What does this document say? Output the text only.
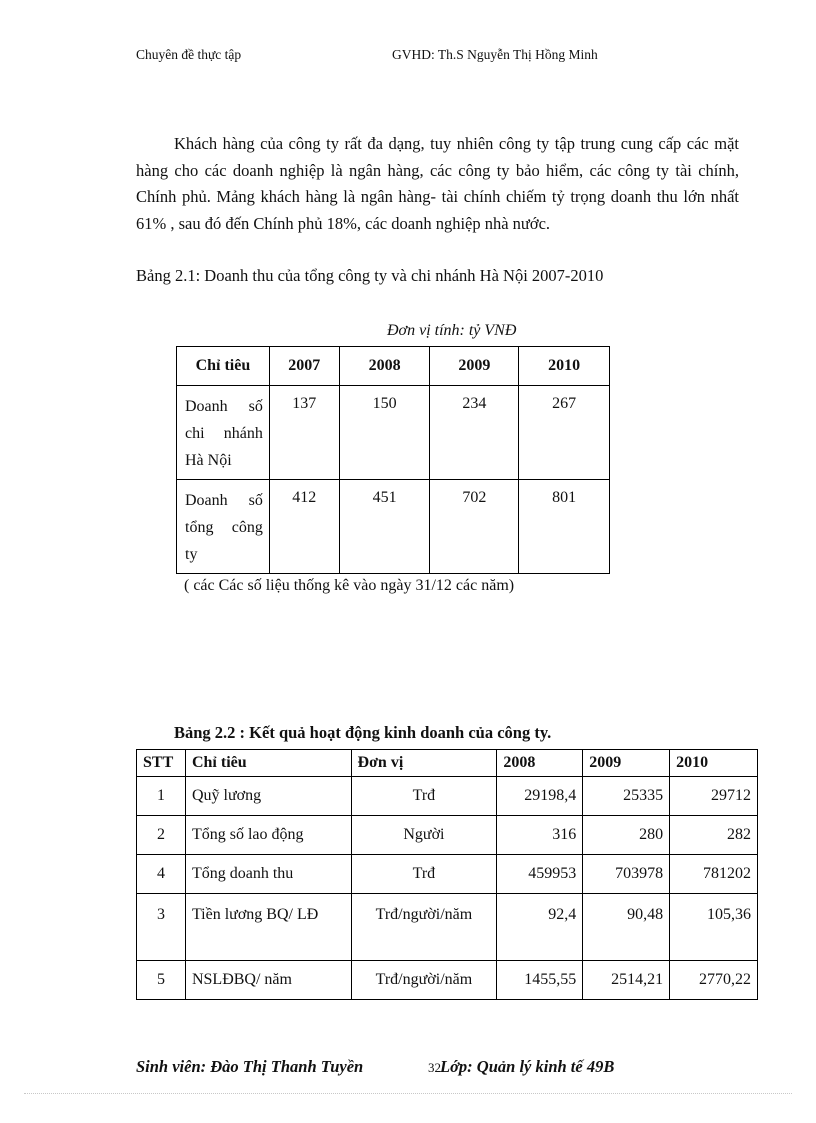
Chuyên đề thực tập	GVHD: Th.S Nguyễn Thị Hồng Minh

Khách hàng của công ty rất đa dạng, tuy nhiên công ty tập trung cung cấp các mặt hàng cho các doanh nghiệp là ngân hàng, các công ty bảo hiểm, các công ty tài chính, Chính phủ. Mảng khách hàng là ngân hàng- tài chính chiếm tỷ trọng doanh thu lớn nhất 61% , sau đó đến Chính phủ 18%, các doanh nghiệp nhà nước.

Bảng 2.1: Doanh thu của tổng công ty và chi nhánh Hà Nội 2007-2010
Đơn vị tính: tỷ VNĐ
Chỉ tiêu	2007	2008	2009	2010
Doanh số chi nhánh Hà Nội	137	150	234	267
Doanh số tổng công ty	412	451	702	801
( các Các số liệu thống kê vào ngày 31/12 các năm)
Bảng 2.2 : Kết quả hoạt động kinh doanh của công ty.
STT	Chỉ tiêu	Đơn vị	2008	2009	2010
1	Quỹ lương	Trđ	29198,4	25335	29712
2	Tổng số lao động	Người	316	280	282
4	Tổng doanh thu	Trđ	459953	703978	781202
3	Tiền lương BQ/ LĐ	Trđ/người/năm	92,4	90,48	105,36
5	NSLĐBQ/ năm	Trđ/người/năm	1455,55	2514,21	2770,22
Sinh viên: Đào Thị Thanh Tuyền	32 Lớp: Quản lý kinh tế 49B
